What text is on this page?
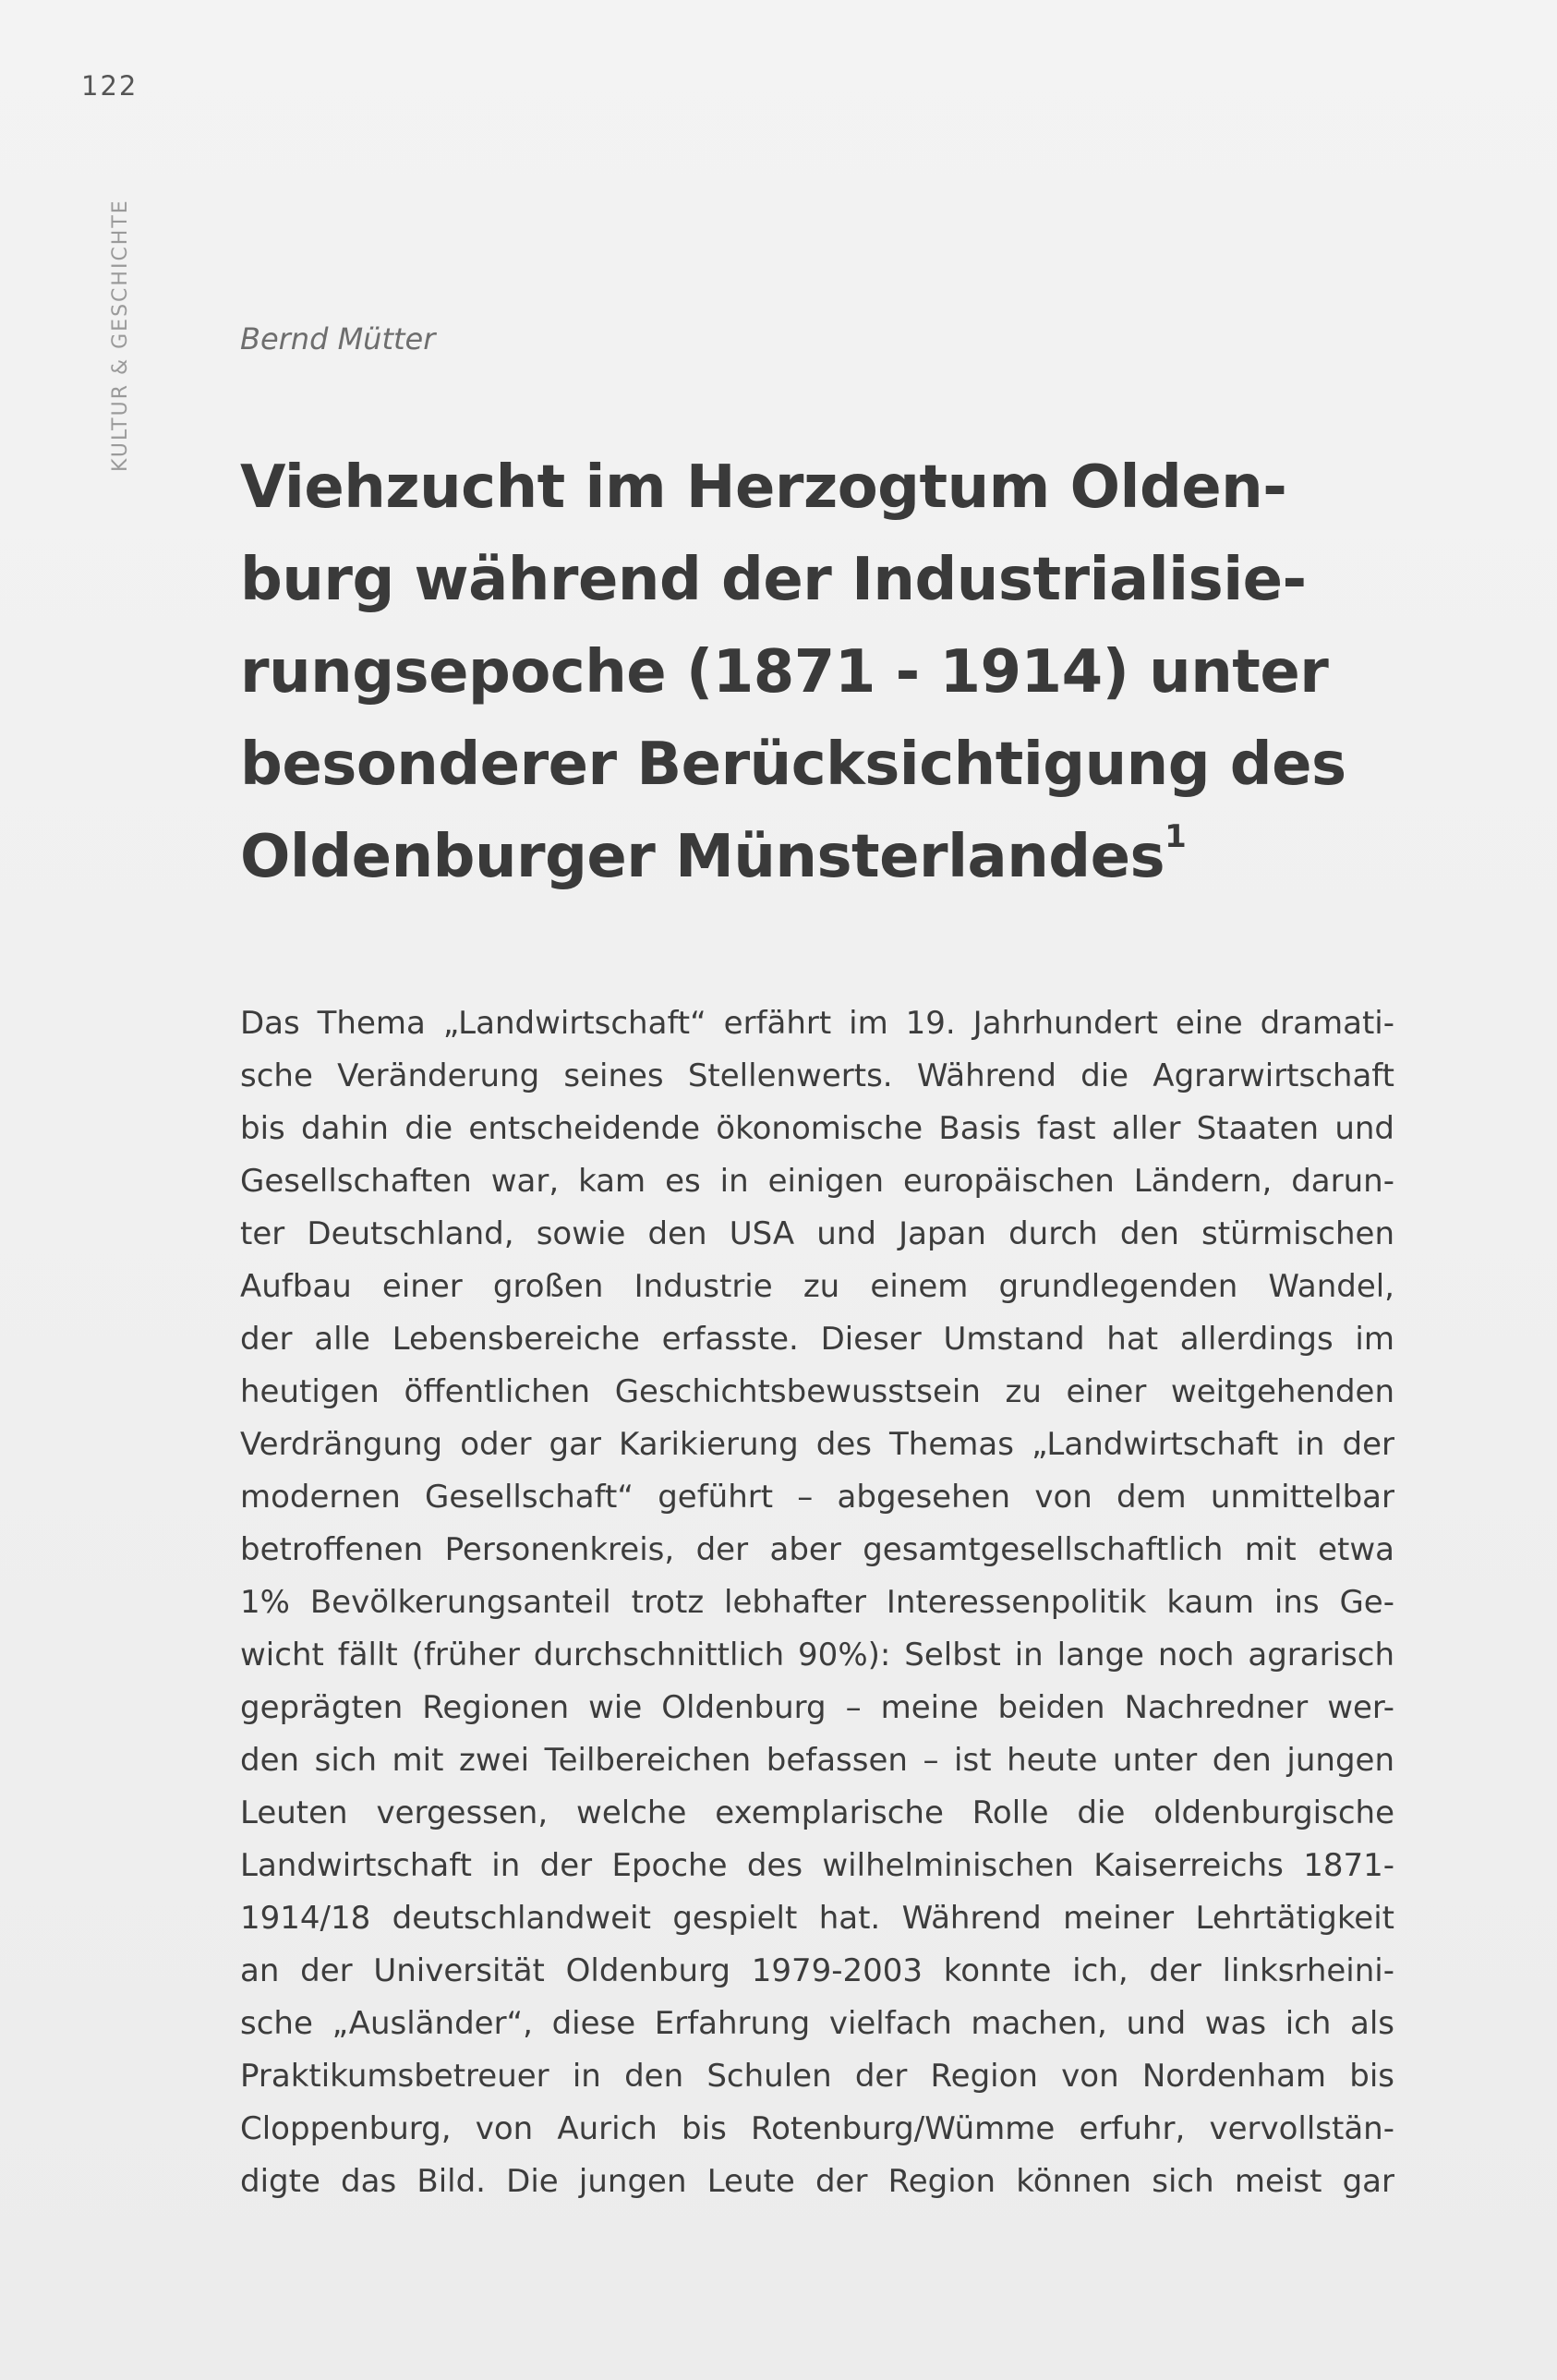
122
KULTUR & GESCHICHTE	Bernd Mütter
Viehzucht im Herzogtum Olden-
burg während der Industrialisie-
rungsepoche (1871 - 1914) unter
besonderer Berücksichtigung des
Oldenburger Münsterlandes$^1$
Das Thema „Landwirtschaft“ erfährt im 19. Jahrhundert eine dramati-
sche Veränderung seines Stellenwerts. Während die Agrarwirtschaft
bis dahin die entscheidende ökonomische Basis fast aller Staaten und
Gesellschaften war, kam es in einigen europäischen Ländern, darun-
ter Deutschland, sowie den USA und Japan durch den stürmischen
Aufbau einer großen Industrie zu einem grundlegenden Wandel,
der alle Lebensbereiche erfasste. Dieser Umstand hat allerdings im
heutigen öffentlichen Geschichtsbewusstsein zu einer weitgehenden
Verdrängung oder gar Karikierung des Themas „Landwirtschaft in der
modernen Gesellschaft“ geführt – abgesehen von dem unmittelbar
betroffenen Personenkreis, der aber gesamtgesellschaftlich mit etwa
1% Bevölkerungsanteil trotz lebhafter Interessenpolitik kaum ins Ge-
wicht fällt (früher durchschnittlich 90%): Selbst in lange noch agrarisch
geprägten Regionen wie Oldenburg – meine beiden Nachredner wer-
den sich mit zwei Teilbereichen befassen – ist heute unter den jungen
Leuten vergessen, welche exemplarische Rolle die oldenburgische
Landwirtschaft in der Epoche des wilhelminischen Kaiserreichs 1871-
1914/18 deutschlandweit gespielt hat. Während meiner Lehrtätigkeit
an der Universität Oldenburg 1979-2003 konnte ich, der linksrheini-
sche „Ausländer“, diese Erfahrung vielfach machen, und was ich als
Praktikumsbetreuer in den Schulen der Region von Nordenham bis
Cloppenburg, von Aurich bis Rotenburg/Wümme erfuhr, vervollstän-
digte das Bild. Die jungen Leute der Region können sich meist gar
